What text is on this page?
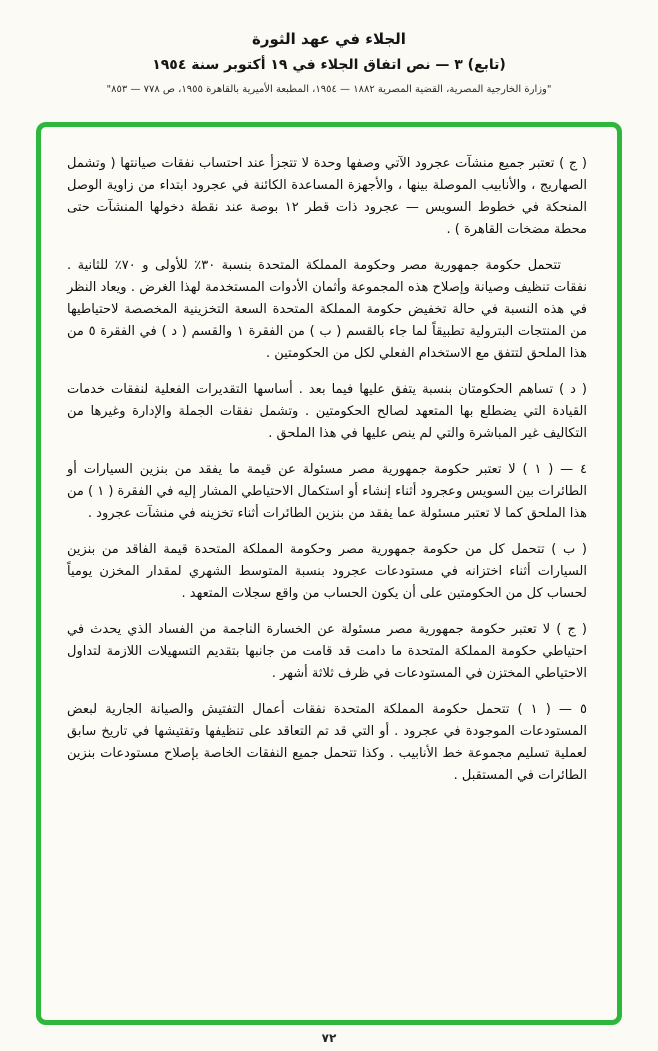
الجلاء في عهد الثورة
(تابع) ٣ — نص اتفاق الجلاء في ١٩ أكتوبر سنة ١٩٥٤
"وزارة الخارجية المصرية، القضية المصرية ١٨٨٢ — ١٩٥٤، المطبعة الأميرية بالقاهرة ١٩٥٥، ص ٧٧٨ — ٨٥٣"

( ج ) تعتبر جميع منشآت عجرود الآتي وصفها وحدة لا تتجزأ عند احتساب نفقات صيانتها ( وتشمل الصهاريج ، والأنابيب الموصلة بينها ، والأجهزة المساعدة الكائنة في عجرود ابتداء من زاوية الوصل المنحكة في خطوط السويس — عجرود ذات قطر ١٢ بوصة عند نقطة دخولها المنشآت حتى محطة مضخات القاهرة ) .

تتحمل حكومة جمهورية مصر وحكومة المملكة المتحدة بنسبة ٣٠٪ للأولى و ٧٠٪ للثانية . نفقات تنظيف وصيانة وإصلاح هذه المجموعة وأثمان الأدوات المستخدمة لهذا الغرض . ويعاد النظر في هذه النسبة في حالة تخفيض حكومة المملكة المتحدة السعة التخزينية المخصصة لاحتياطيها من المنتجات البترولية تطبيقاً لما جاء بالقسم ( ب ) من الفقرة ١ والقسم ( د ) في الفقرة ٥ من هذا الملحق لتتفق مع الاستخدام الفعلي لكل من الحكومتين .

( د ) تساهم الحكومتان بنسبة يتفق عليها فيما بعد . أساسها التقديرات الفعلية لنفقات خدمات القيادة التي يضطلع بها المتعهد لصالح الحكومتين . وتشمل نفقات الجملة والإدارة وغيرها من التكاليف غير المباشرة والتي لم ينص عليها في هذا الملحق .

٤ — ( ١ ) لا تعتبر حكومة جمهورية مصر مسئولة عن قيمة ما يفقد من بنزين السيارات أو الطائرات بين السويس وعجرود أثناء إنشاء أو استكمال الاحتياطي المشار إليه في الفقرة ( ١ ) من هذا الملحق كما لا تعتبر مسئولة عما يفقد من بنزين الطائرات أثناء تخزينه في منشآت عجرود .

( ب ) تتحمل كل من حكومة جمهورية مصر وحكومة المملكة المتحدة قيمة الفاقد من بنزين السيارات أثناء اختزانه في مستودعات عجرود بنسبة المتوسط الشهري لمقدار المخزن يومياً لحساب كل من الحكومتين على أن يكون الحساب من واقع سجلات المتعهد .

( ج ) لا تعتبر حكومة جمهورية مصر مسئولة عن الخسارة الناجمة من الفساد الذي يحدث في احتياطي حكومة المملكة المتحدة ما دامت قد قامت من جانبها بتقديم التسهيلات اللازمة لتداول الاحتياطي المختزن في المستودعات في ظرف ثلاثة أشهر .

٥ — ( ١ ) تتحمل حكومة المملكة المتحدة نفقات أعمال التفتيش والصيانة الجارية لبعض المستودعات الموجودة في عجرود . أو التي قد تم التعاقد على تنظيفها وتفتيشها في تاريخ سابق لعملية تسليم مجموعة خط الأنابيب . وكذا تتحمل جميع النفقات الخاصة بإصلاح مستودعات بنزين الطائرات في المستقبل .

٧٢
